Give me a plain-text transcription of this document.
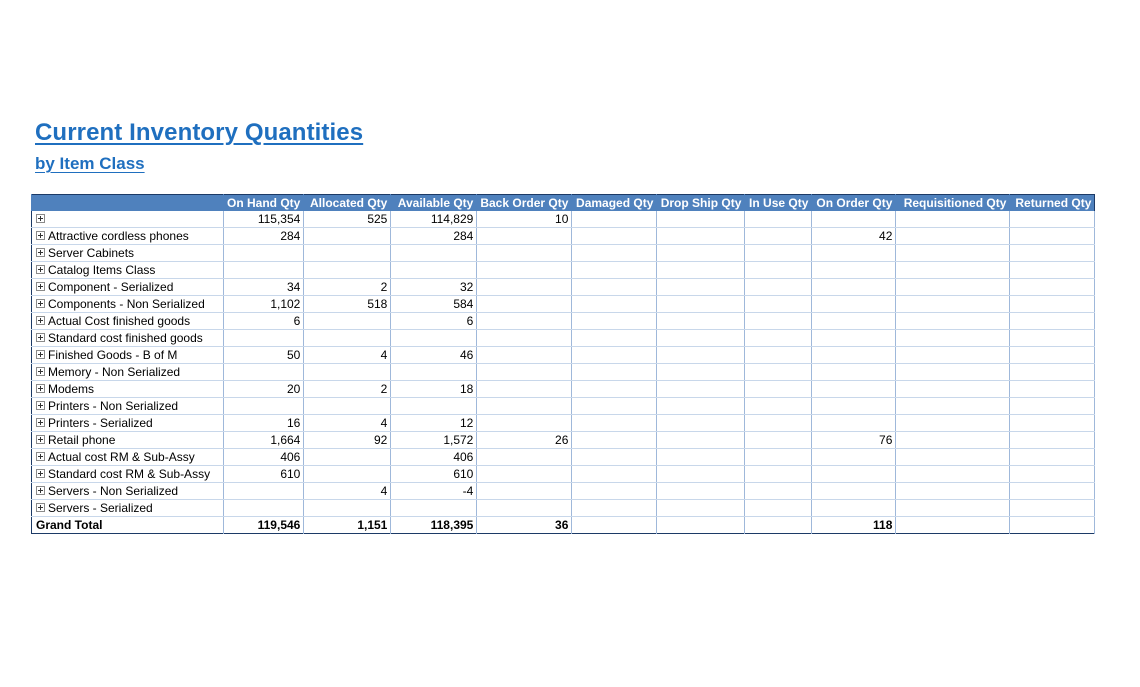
Current Inventory Quantities
by Item Class
	On Hand Qty	Allocated Qty	Available Qty	Back Order Qty	Damaged Qty	Drop Ship Qty	In Use Qty	On Order Qty	Requisitioned Qty	Returned Qty
	115,354	525	114,829	10						
Attractive cordless phones	284		284					42		
Server Cabinets										
Catalog Items Class										
Component - Serialized	34	2	32							
Components - Non Serialized	1,102	518	584							
Actual Cost finished goods	6		6							
Standard cost finished goods										
Finished Goods - B of M	50	4	46							
Memory - Non Serialized										
Modems	20	2	18							
Printers - Non Serialized										
Printers - Serialized	16	4	12							
Retail phone	1,664	92	1,572	26				76		
Actual cost RM & Sub-Assy	406		406							
Standard cost RM & Sub-Assy	610		610							
Servers - Non Serialized		4	-4							
Servers - Serialized										
Grand Total	119,546	1,151	118,395	36				118		
